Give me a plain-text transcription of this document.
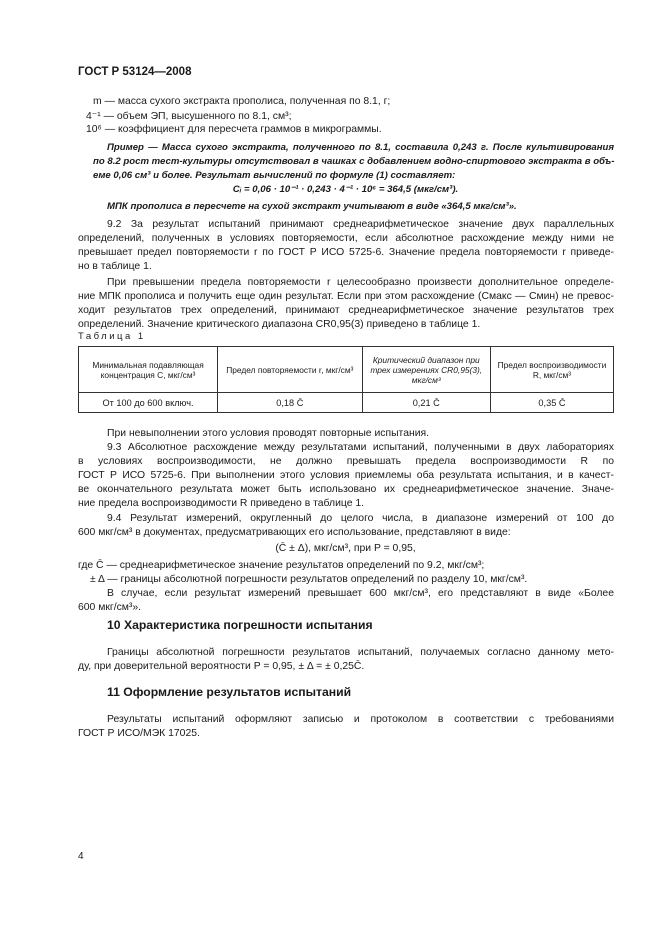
ГОСТ Р 53124—2008
m — масса сухого экстракта прополиса, полученная по 8.1, г;
4⁻¹ — объем ЭП, высушенного по 8.1, см³;
10⁶ — коэффициент для пересчета граммов в микрограммы.
Пример — Масса сухого экстракта, полученного по 8.1, составила 0,243 г. После культивирования
по 8.2 рост тест-культуры отсутствовал в чашках с добавлением водно-спиртового экстракта в объ-
еме 0,06 см³ и более. Результат вычислений по формуле (1) составляет:
Cᵢ = 0,06 · 10⁻¹ · 0,243 · 4⁻¹ · 10⁶ = 364,5 (мкг/см³).
МПК прополиса в пересчете на сухой экстракт учитывают в виде «364,5 мкг/см³».
9.2 За результат испытаний принимают среднеарифметическое значение двух параллельных
определений, полученных в условиях повторяемости, если абсолютное расхождение между ними не
превышает предел повторяемости r по ГОСТ Р ИСО 5725-6. Значение предела повторяемости r приведе-
но в таблице 1.
При превышении предела повторяемости r целесообразно произвести дополнительное определе-
ние МПК прополиса и получить еще один результат. Если при этом расхождение (Cмакс — Cмин) не превос-
ходит результатов трех определений, принимают среднеарифметическое значение результатов трех
определений. Значение критического диапазона CR0,95(3) приведено в таблице 1.
Таблица 1
Минимальная подавляющая концентрация С, мкг/см³	Предел повторяемости r, мкг/см³	Критический диапазон при трех измерениях CR0,95(3), мкг/см³	Предел воспроизводимости R, мкг/см³
От 100 до 600 включ.	0,18 C̄	0,21 C̄	0,35 C̄
При невыполнении этого условия проводят повторные испытания.
9.3 Абсолютное расхождение между результатами испытаний, полученными в двух лабораториях
в условиях воспроизводимости, не должно превышать предела воспроизводимости R по
ГОСТ Р ИСО 5725-6. При выполнении этого условия приемлемы оба результата испытания, и в качест-
ве окончательного результата может быть использовано их среднеарифметическое значение. Значе-
ние предела воспроизводимости R приведено в таблице 1.
9.4 Результат измерений, округленный до целого числа, в диапазоне измерений от 100 до
600 мкг/см³ в документах, предусматривающих его использование, представляют в виде:
(C̄ ± Δ), мкг/см³, при P = 0,95,
где C̄ — среднеарифметическое значение результатов определений по 9.2, мкг/см³;
± Δ — границы абсолютной погрешности результатов определений по разделу 10, мкг/см³.
В случае, если результат измерений превышает 600 мкг/см³, его представляют в виде «Более
600 мкг/см³».
10 Характеристика погрешности испытания
Границы абсолютной погрешности результатов испытаний, получаемых согласно данному мето-
ду, при доверительной вероятности P = 0,95, ± Δ = ± 0,25C̄.
11 Оформление результатов испытаний
Результаты испытаний оформляют записью и протоколом в соответствии с требованиями
ГОСТ Р ИСО/МЭК 17025.
4
